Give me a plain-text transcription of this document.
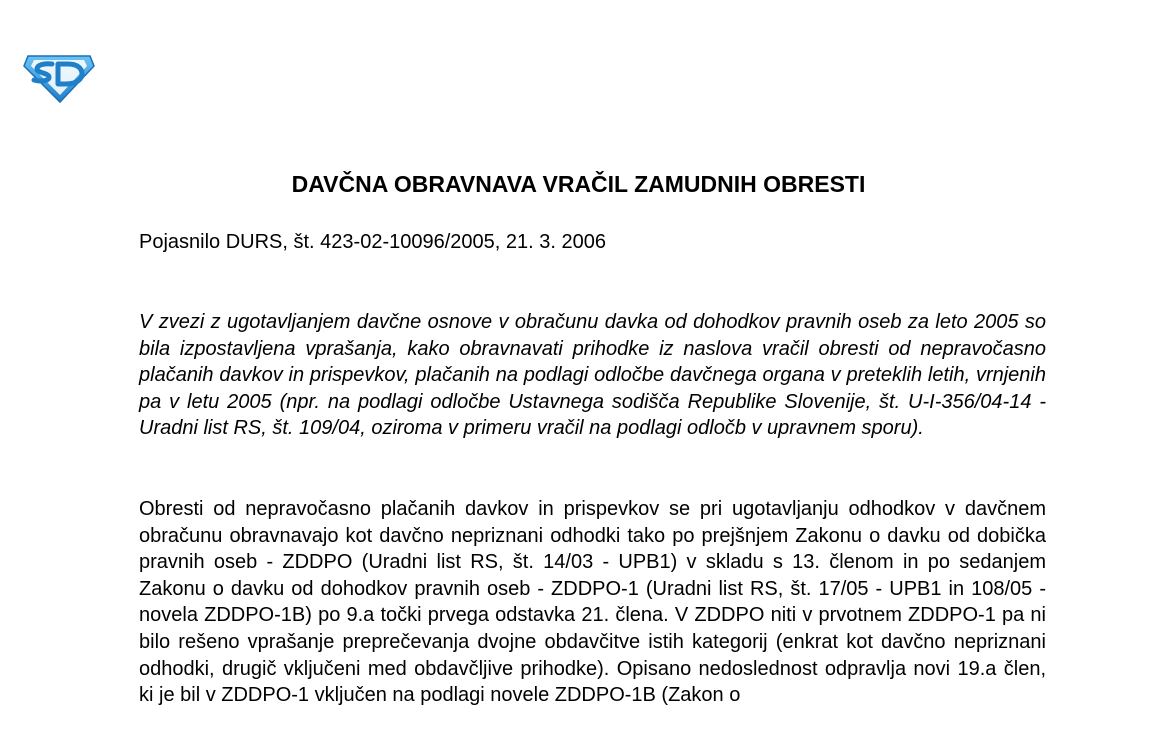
DAVČNA OBRAVNAVA VRAČIL ZAMUDNIH OBRESTI
Pojasnilo DURS, št. 423-02-10096/2005, 21. 3. 2006

V zvezi z ugotavljanjem davčne osnove v obračunu davka od dohodkov pravnih oseb za leto 2005 so bila izpostavljena vprašanja, kako obravnavati prihodke iz naslova vračil obresti od nepravočasno plačanih davkov in prispevkov, plačanih na podlagi odločbe davčnega organa v preteklih letih, vrnjenih pa v letu 2005 (npr. na podlagi odločbe Ustavnega sodišča Republike Slovenije, št. U-I-356/04-14 - Uradni list RS, št. 109/04, oziroma v primeru vračil na podlagi odločb v upravnem sporu).

Obresti od nepravočasno plačanih davkov in prispevkov se pri ugotavljanju odhodkov v davčnem obračunu obravnavajo kot davčno nepriznani odhodki tako po prejšnjem Zakonu o davku od dobička pravnih oseb - ZDDPO (Uradni list RS, št. 14/03 - UPB1) v skladu s 13. členom in po sedanjem Zakonu o davku od dohodkov pravnih oseb - ZDDPO-1 (Uradni list RS, št. 17/05 - UPB1 in 108/05 - novela ZDDPO-1B) po 9.a točki prvega odstavka 21. člena. V ZDDPO niti v prvotnem ZDDPO-1 pa ni bilo rešeno vprašanje preprečevanja dvojne obdavčitve istih kategorij (enkrat kot davčno nepriznani odhodki, drugič vključeni med obdavčljive prihodke). Opisano nedoslednost odpravlja novi 19.a člen, ki je bil v ZDDPO-1 vključen na podlagi novele ZDDPO-1B (Zakon o
